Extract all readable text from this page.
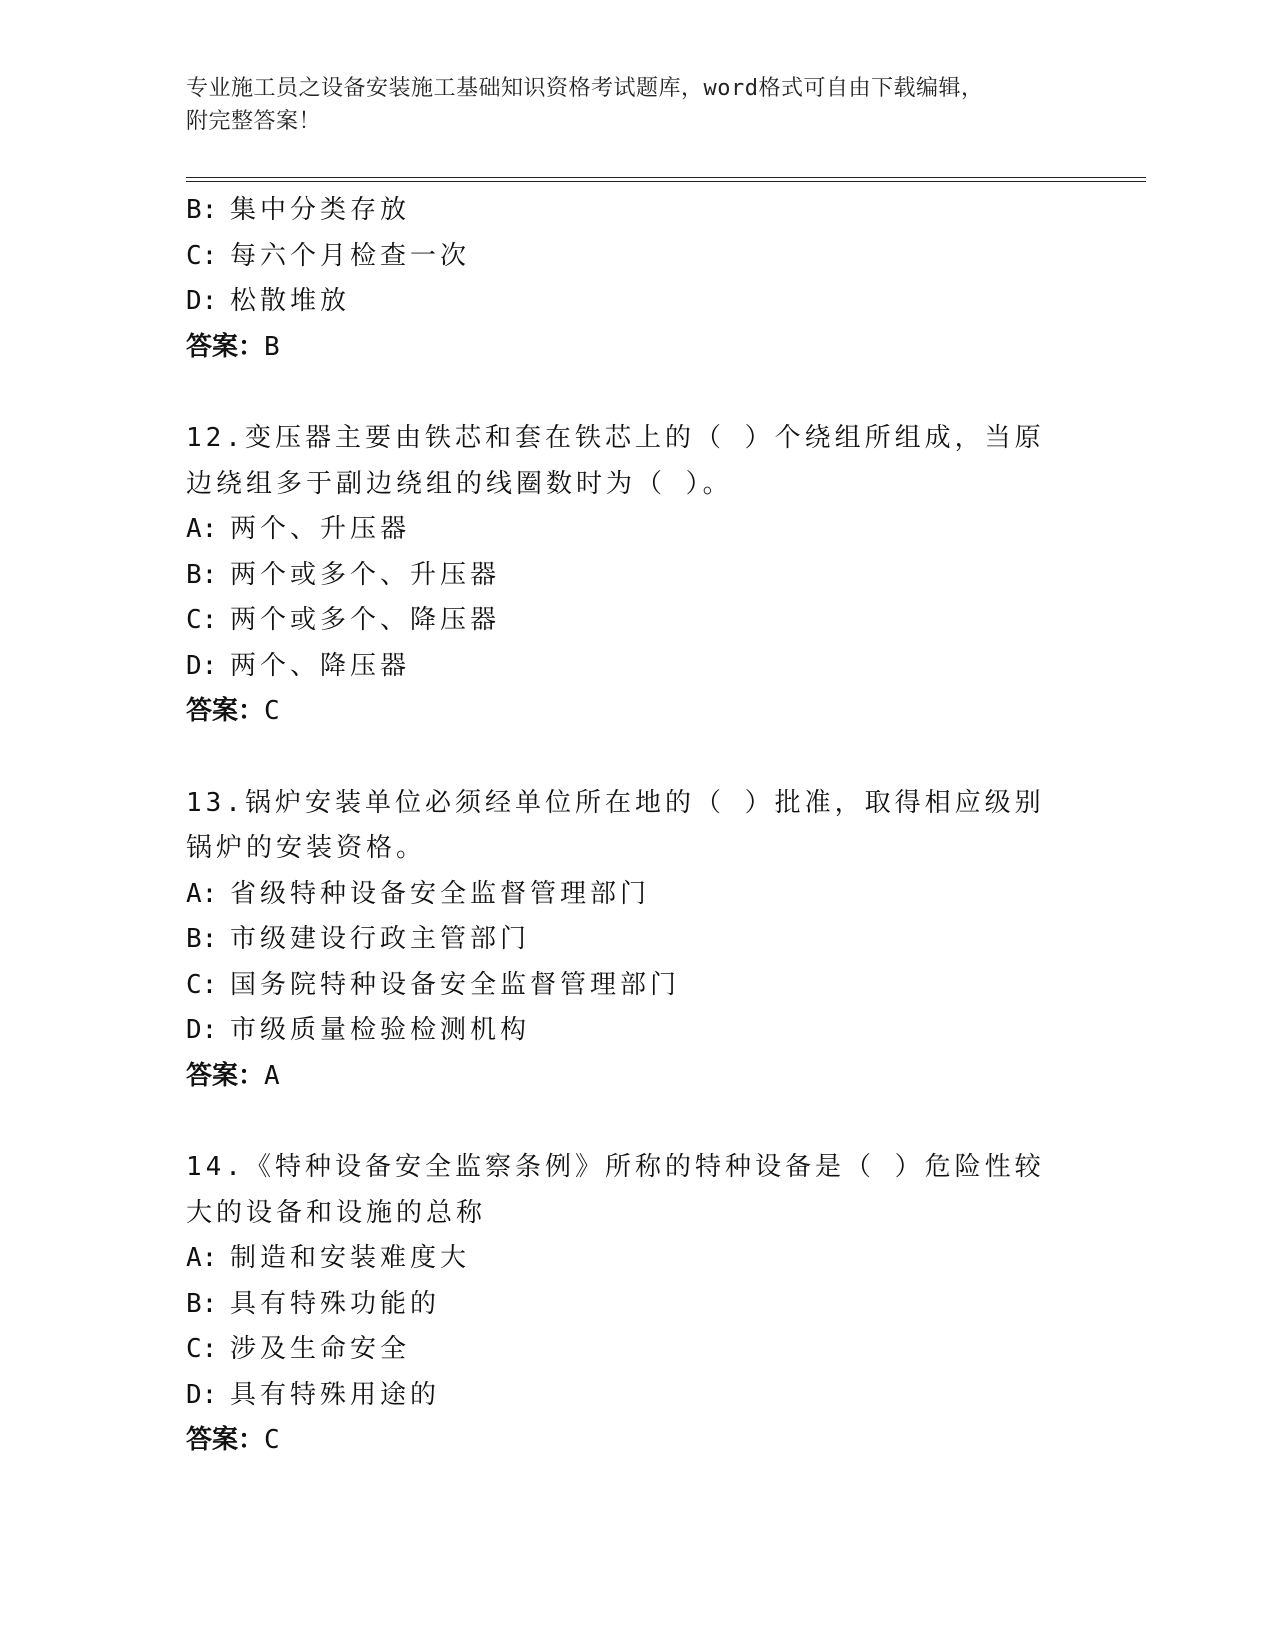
专业施工员之设备安装施工基础知识资格考试题库，word格式可自由下载编辑，
附完整答案！
B: 集中分类存放
C: 每六个月检查一次
D: 松散堆放
答案：B
12.变压器主要由铁芯和套在铁芯上的（ ）个绕组所组成，当原边绕组多于副边绕组的线圈数时为（ ）。
A: 两个、升压器
B: 两个或多个、升压器
C: 两个或多个、降压器
D: 两个、降压器
答案：C
13.锅炉安装单位必须经单位所在地的（ ）批准，取得相应级别锅炉的安装资格。
A: 省级特种设备安全监督管理部门
B: 市级建设行政主管部门
C: 国务院特种设备安全监督管理部门
D: 市级质量检验检测机构
答案：A
14.《特种设备安全监察条例》所称的特种设备是（ ）危险性较大的设备和设施的总称
A: 制造和安装难度大
B: 具有特殊功能的
C: 涉及生命安全
D: 具有特殊用途的
答案：C
